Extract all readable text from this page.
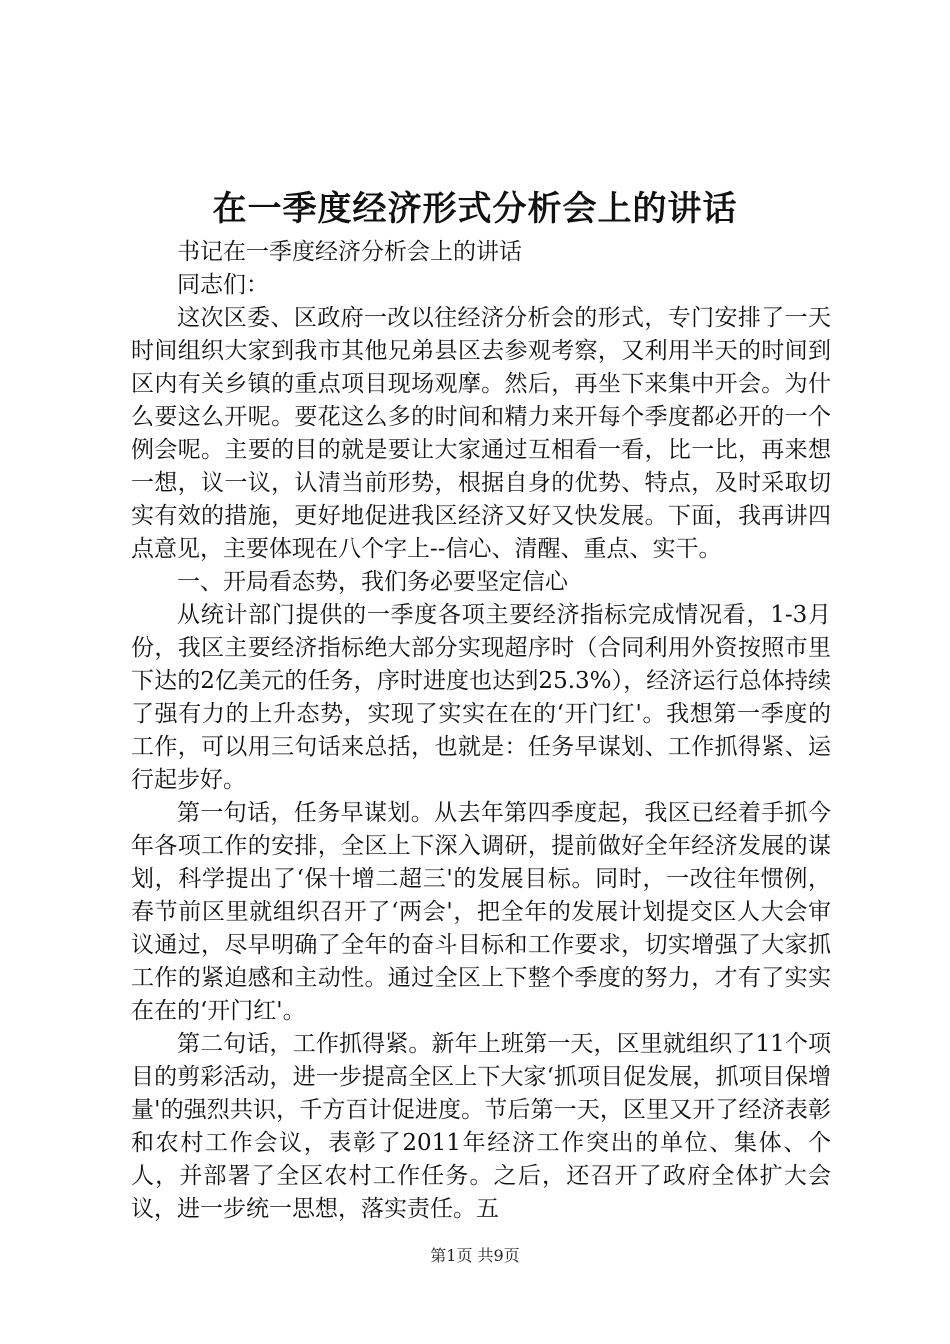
在一季度经济形式分析会上的讲话

书记在一季度经济分析会上的讲话

同志们：

这次区委、区政府一改以往经济分析会的形式，专门安排了一天时间组织大家到我市其他兄弟县区去参观考察，又利用半天的时间到区内有关乡镇的重点项目现场观摩。然后，再坐下来集中开会。为什么要这么开呢。要花这么多的时间和精力来开每个季度都必开的一个例会呢。主要的目的就是要让大家通过互相看一看，比一比，再来想一想，议一议，认清当前形势，根据自身的优势、特点，及时采取切实有效的措施，更好地促进我区经济又好又快发展。下面，我再讲四点意见，主要体现在八个字上--信心、清醒、重点、实干。

一、开局看态势，我们务必要坚定信心

从统计部门提供的一季度各项主要经济指标完成情况看，1-3月份，我区主要经济指标绝大部分实现超序时（合同利用外资按照市里下达的2亿美元的任务，序时进度也达到25.3%），经济运行总体持续了强有力的上升态势，实现了实实在在的‘开门红'。我想第一季度的工作，可以用三句话来总括，也就是：任务早谋划、工作抓得紧、运行起步好。

第一句话，任务早谋划。从去年第四季度起，我区已经着手抓今年各项工作的安排，全区上下深入调研，提前做好全年经济发展的谋划，科学提出了‘保十增二超三'的发展目标。同时，一改往年惯例，春节前区里就组织召开了‘两会'，把全年的发展计划提交区人大会审议通过，尽早明确了全年的奋斗目标和工作要求，切实增强了大家抓工作的紧迫感和主动性。通过全区上下整个季度的努力，才有了实实在在的‘开门红'。

第二句话，工作抓得紧。新年上班第一天，区里就组织了11个项目的剪彩活动，进一步提高全区上下大家‘抓项目促发展，抓项目保增量'的强烈共识，千方百计促进度。节后第一天，区里又开了经济表彰和农村工作会议，表彰了2011年经济工作突出的单位、集体、个人，并部署了全区农村工作任务。之后，还召开了政府全体扩大会议，进一步统一思想，落实责任。五

第1页 共9页
